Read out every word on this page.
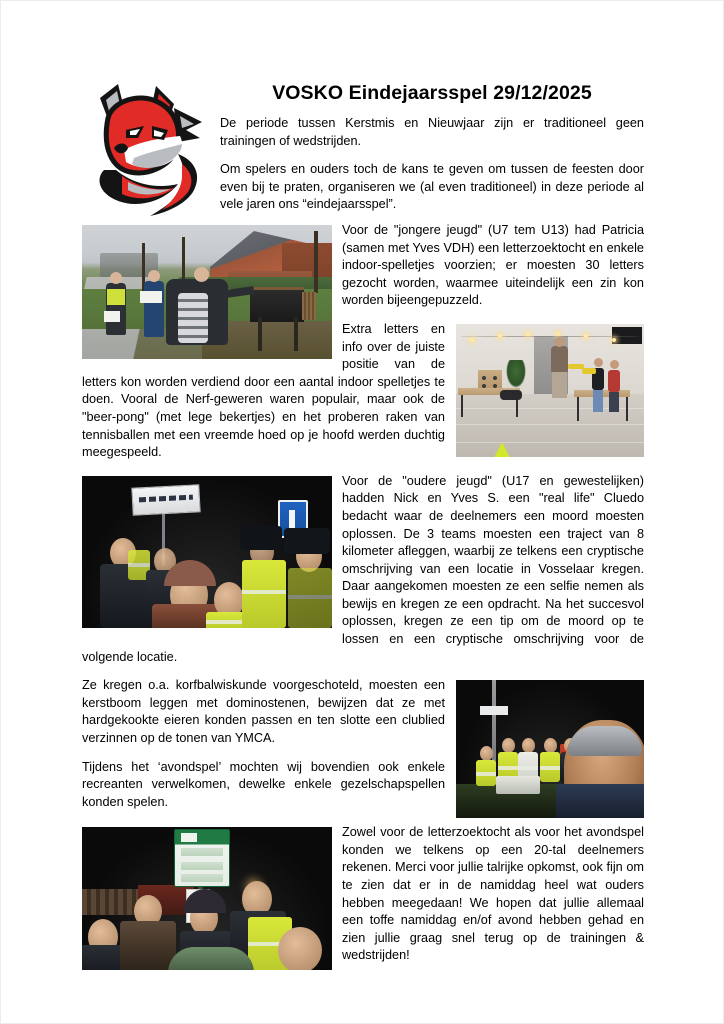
VOSKO Eindejaarsspel 29/12/2025

De periode tussen Kerstmis en Nieuwjaar zijn er traditioneel geen trainingen of wedstrijden.

Om spelers en ouders toch de kans te geven om tussen de feesten door even bij te praten, organiseren we (al even traditioneel) in deze periode al vele jaren ons “eindejaarsspel”.

Voor de "jongere jeugd" (U7 tem U13) had Patricia (samen met Yves VDH) een letterzoektocht en enkele indoor-spelletjes voorzien; er moesten 30 letters gezocht worden, waarmee uiteindelijk een zin kon worden bijeengepuzzeld.

Extra letters en info over de juiste positie van de letters kon worden verdiend door een aantal indoor spelletjes te doen. Vooral de Nerf-geweren waren populair, maar ook de "beer-pong" (met lege bekertjes) en het proberen raken van tennisballen met een vreemde hoed op je hoofd werden duchtig meegespeeld.

Voor de "oudere jeugd" (U17 en gewestelijken) hadden Nick en Yves S. een "real life" Cluedo bedacht waar de deelnemers een moord moesten oplossen. De 3 teams moesten een traject van 8 kilometer afleggen, waarbij ze telkens een cryptische omschrijving van een locatie in Vosselaar kregen. Daar aangekomen moesten ze een selfie nemen als bewijs en kregen ze een opdracht. Na het succesvol oplossen, kregen ze een tip om de moord op te lossen en een cryptische omschrijving voor de volgende locatie.

Ze kregen o.a. korfbalwiskunde voorgeschoteld, moesten een kerstboom leggen met dominostenen, bewijzen dat ze met hardgekookte eieren konden passen en ten slotte een clublied verzinnen op de tonen van YMCA.

Tijdens het ‘avondspel’ mochten wij bovendien ook enkele recreanten verwelkomen, dewelke enkele gezelschapspellen konden spelen.

Zowel voor de letterzoektocht als voor het avondspel konden we telkens op een 20-tal deelnemers rekenen. Merci voor jullie talrijke opkomst, ook fijn om te zien dat er in de namiddag heel wat ouders hebben meegedaan! We hopen dat jullie allemaal een toffe namiddag en/of avond hebben gehad en zien jullie graag snel terug op de trainingen & wedstrijden!
